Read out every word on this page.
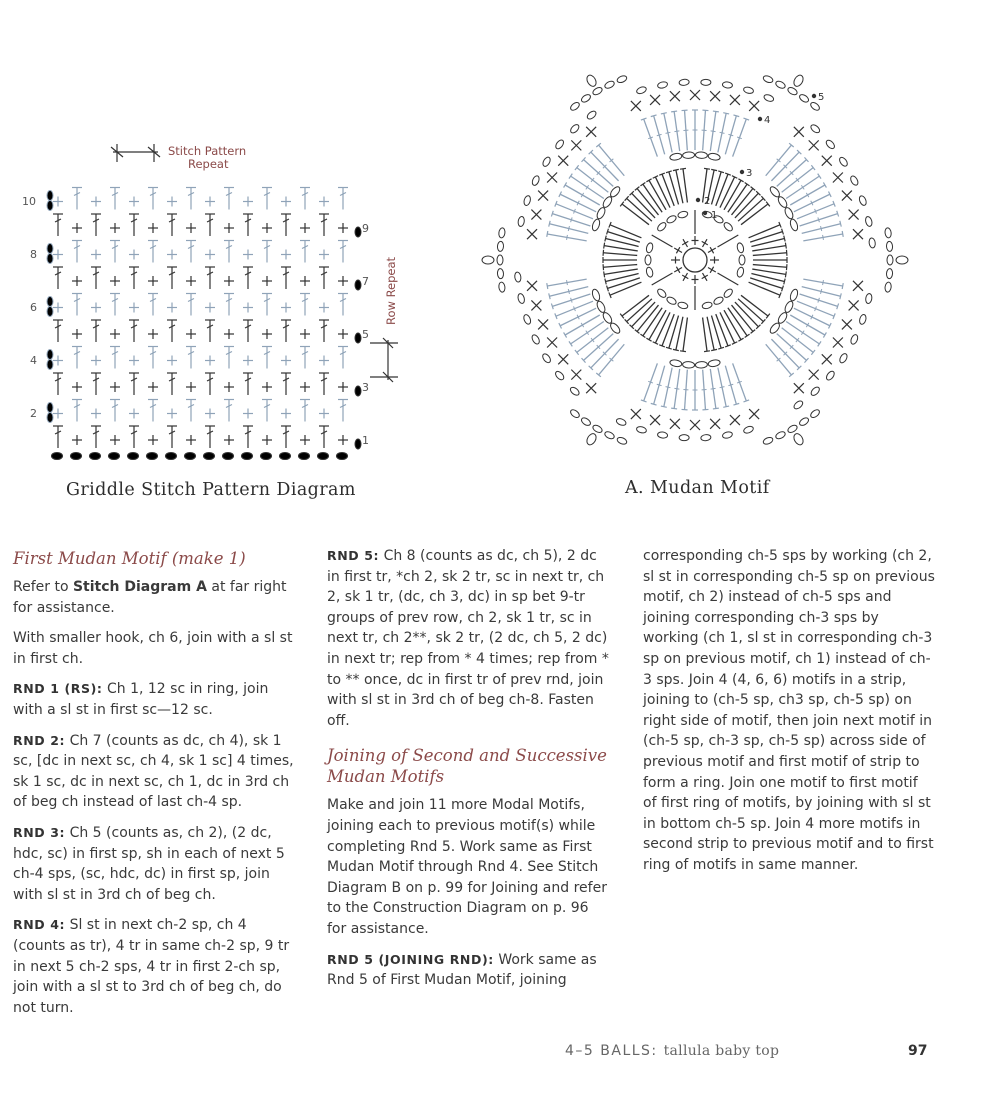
Stitch Pattern
Repeat
Row Repeat
10
8
6
4
2
9
7
5
3
1
Griddle Stitch Pattern Diagram
1
2
3
4
5
A. Mudan Motif
First Mudan Motif (make 1)

Refer to Stitch Diagram A at far right for assistance.

With smaller hook, ch 6, join with a sl st in first ch.

RND 1 (RS): Ch 1, 12 sc in ring, join with a sl st in first sc—12 sc.

RND 2: Ch 7 (counts as dc, ch 4), sk 1 sc, [dc in next sc, ch 4, sk 1 sc] 4 times, sk 1 sc, dc in next sc, ch 1, dc in 3rd ch of beg ch instead of last ch-4 sp.

RND 3: Ch 5 (counts as, ch 2), (2 dc, hdc, sc) in first sp, sh in each of next 5 ch-4 sps, (sc, hdc, dc) in first sp, join with sl st in 3rd ch of beg ch.

RND 4: Sl st in next ch-2 sp, ch 4 (counts as tr), 4 tr in same ch-2 sp, 9 tr in next 5 ch-2 sps, 4 tr in first 2-ch sp, join with a sl st to 3rd ch of beg ch, do not turn.

RND 5: Ch 8 (counts as dc, ch 5), 2 dc in first tr, *ch 2, sk 2 tr, sc in next tr, ch 2, sk 1 tr, (dc, ch 3, dc) in sp bet 9-tr groups of prev row, ch 2, sk 1 tr, sc in next tr, ch 2**, sk 2 tr, (2 dc, ch 5, 2 dc) in next tr; rep from * 4 times; rep from * to ** once, dc in first tr of prev rnd, join with sl st in 3rd ch of beg ch-8. Fasten off.

Joining of Second and Successive Mudan Motifs

Make and join 11 more Modal Motifs, joining each to previous motif(s) while completing Rnd 5. Work same as First Mudan Motif through Rnd 4. See Stitch Diagram B on p. 99 for Joining and refer to the Construction Diagram on p. 96 for assistance.

RND 5 (JOINING RND): Work same as Rnd 5 of First Mudan Motif, joining

corresponding ch-5 sps by working (ch 2, sl st in corresponding ch-5 sp on previous motif, ch 2) instead of ch-5 sps and joining corresponding ch-3 sps by working (ch 1, sl st in corresponding ch-3 sp on previous motif, ch 1) instead of ch-3 sps. Join 4 (4, 6, 6) motifs in a strip, joining to (ch-5 sp, ch3 sp, ch-5 sp) on right side of motif, then join next motif in (ch-5 sp, ch-3 sp, ch-5 sp) across side of previous motif and first motif of strip to form a ring. Join one motif to first motif of first ring of motifs, by joining with sl st in bottom ch-5 sp. Join 4 more motifs in second strip to previous motif and to first ring of motifs in same manner.

4–5 BALLS: tallula baby top	97
